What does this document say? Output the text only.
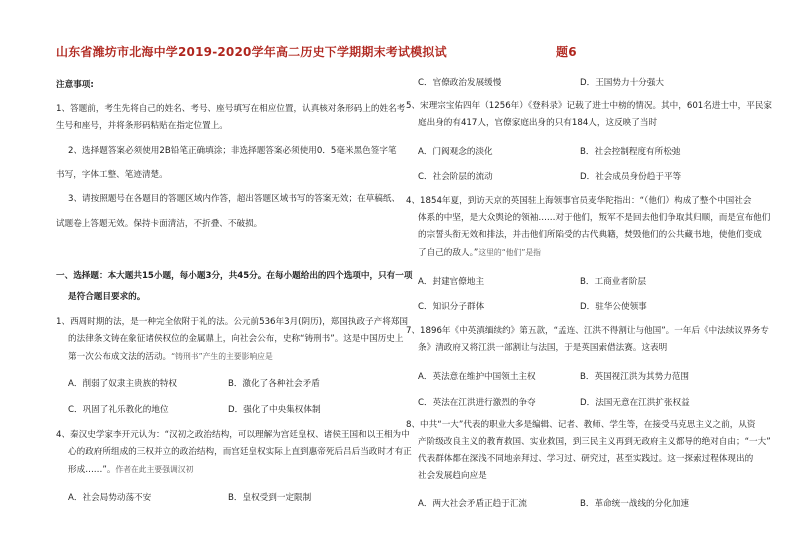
山东省潍坊市北海中学2019-2020学年高二历史下学期期末考试模拟试	题6
注意事项:
1、答题前，考生先将自己的姓名、考号、座号填写在相应位置，认真核对条形码上的姓名考
生号和座号，并将条形码粘贴在指定位置上。
2、选择题答案必须使用2B铅笔正确填涂；非选择题答案必须使用0．5毫米黑色签字笔
书写，字体工整、笔迹清楚。
3、请按照题号在各题目的答题区域内作答，超出答题区域书写的答案无效；在草稿纸、
试题卷上答题无效。保持卡面清洁，不折叠、不破损。
一、选择题：本大题共15小题，每小题3分，共45分。在每小题给出的四个选项中，只有一项
是符合题目要求的。
1、西周时期的法，是一种完全依附于礼的法。公元前536年3月(阴历)，郑国执政子产将郑国
的法律条文铸在象征诸侯权位的金属鼎上，向社会公布，史称“铸刑书”。这是中国历史上
第一次公布成文法的活动。“铸刑书”产生的主要影响应是
A．削弱了奴隶主贵族的特权	B．激化了各种社会矛盾
C．巩固了礼乐教化的地位	D．强化了中央集权体制
4、秦汉史学家李开元认为：“汉初之政治结构，可以理解为宫廷皇权、诸侯王国和以王相为中
心的政府所组成的三权并立的政治结构，而宫廷皇权实际上直到惠帝死后吕后当政时才有正
形成……”。作者在此主要强调汉初
A．社会局势动荡不安	B．皇权受到一定限制
C．官僚政治发展缓慢	D．王国势力十分强大
5、宋理宗宝佑四年（1256年）《登科录》记载了进士中榜的情况。其中，601名进士中，平民家
庭出身的有417人，官僚家庭出身的只有184人，这反映了当时
A．门阀观念的淡化	B．社会控制程度有所松弛
C．社会阶层的流动	D．社会成员身份趋于平等
4、1854年夏，到访天京的英国驻上海领事官员麦华陀指出：“（他们）构成了整个中国社会
体系的中坚，是大众舆论的领袖……对于他们，叛军不是回去他们争取其归顺，而是宣布他们
的宗誓头衔无效和排法，并击他们所陷受的古代典籍，焚毁他们的公共藏书地，使他们变成
了自己的敌人。”这里的“他们”是指
A．封建官僚地主	B．工商业者阶层
C．知识分子群体	D．驻华公使领事
7、1896年《中英滇缅续约》第五款，“孟连、江洪不得割让与他国”。一年后《中法续议界务专
条》清政府又将江洪一部割让与法国，于是英国索借法赛。这表明
A．英法意在维护中国领土主权	B．英国视江洪为其势力范围
C．英法在江洪进行激烈的争夺	D．法国无意在江洪扩张权益
8、中共“一大”代表的职业大多是编辑、记者、教师、学生等，在接受马克思主义之前，从资
产阶级改良主义的教育救国、实业救国，到三民主义再到无政府主义都导的绝对自由；“一大”
代表群体都在深浅不同地亲拜过、学习过、研究过，甚至实践过。这一探索过程体现出的
社会发展趋向应是
A．两大社会矛盾正趋于汇流	B．革命统一战线的分化加速
